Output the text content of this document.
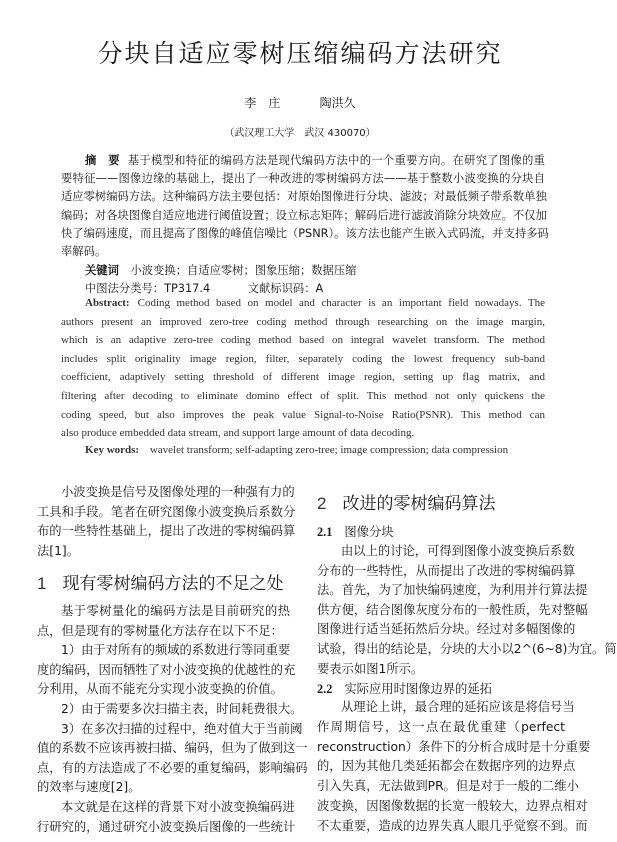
分块自适应零树压缩编码方法研究
李　庄	陶洪久
（武汉理工大学　武汉 430070）
摘　要 基于模型和特征的编码方法是现代编码方法中的一个重要方向。在研究了图像的重
要特征——图像边缘的基础上，提出了一种改进的零树编码方法——基于整数小波变换的分块自
适应零树编码方法。这种编码方法主要包括：对原始图像进行分块、滤波；对最低频子带系数单独
编码；对各块图像自适应地进行阈值设置；设立标志矩阵；解码后进行滤波消除分块效应。不仅加
快了编码速度，而且提高了图像的峰值信噪比（PSNR）。该方法也能产生嵌入式码流，并支持多码
率解码。
关键词 小波变换；自适应零树；图象压缩；数据压缩
中图法分类号：TP317.4	文献标识码：A
Abstract: Coding method based on model and character is an important field nowadays. The
authors present an improved zero-tree coding method through researching on the image margin,
which is an adaptive zero-tree coding method based on integral wavelet transform. The method
includes split originality image region, filter, separately coding the lowest frequency sub-band
coefficient, adaptively setting threshold of different image region, setting up flag matrix, and
filtering after decoding to eliminate domino effect of split. This method not only quickens the
coding speed, but also improves the peak value Signal-to-Noise Ratio(PSNR). This method can
also produce embedded data stream, and support large amount of data decoding.
Key words: wavelet transform; self-adapting zero-tree; image compression; data compression
小波变换是信号及图像处理的一种强有力的
工具和手段。笔者在研究图像小波变换后系数分
布的一些特性基础上，提出了改进的零树编码算
法[1]。
基于零树量化的编码方法是目前研究的热
点，但是现有的零树量化方法存在以下不足：
1）由于对所有的频域的系数进行等同重要
度的编码，因而牺牲了对小波变换的优越性的充
分利用，从而不能充分实现小波变换的价值。
2）由于需要多次扫描主表，时间耗费很大。
3）在多次扫描的过程中，绝对值大于当前阈
值的系数不应该再被扫描、编码，但为了做到这一
点，有的方法造成了不必要的重复编码，影响编码
的效率与速度[2]。
本文就是在这样的背景下对小波变换编码进
行研究的，通过研究小波变换后图像的一些统计
1 现有零树编码方法的不足之处
由以上的讨论，可得到图像小波变换后系数
分布的一些特性，从而提出了改进的零树编码算
法。首先，为了加快编码速度，为利用并行算法提
供方便，结合图像灰度分布的一般性质，先对整幅
图像进行适当延拓然后分块。经过对多幅图像的
试验，得出的结论是，分块的大小以2^(6~8)为宜。简
要表示如图1所示。
从理论上讲，最合理的延拓应该是将信号当
作周期信号，这一点在最优重建（perfect
reconstruction）条件下的分析合成时是十分重要
的，因为其他几类延拓都会在数据序列的边界点
引入失真，无法做到PR。但是对于一般的二维小
波变换，因图像数据的长宽一般较大，边界点相对
不太重要，造成的边界失真人眼几乎觉察不到。而
2 改进的零树编码算法
2.1 图像分块
2.2 实际应用时图像边界的延拓
